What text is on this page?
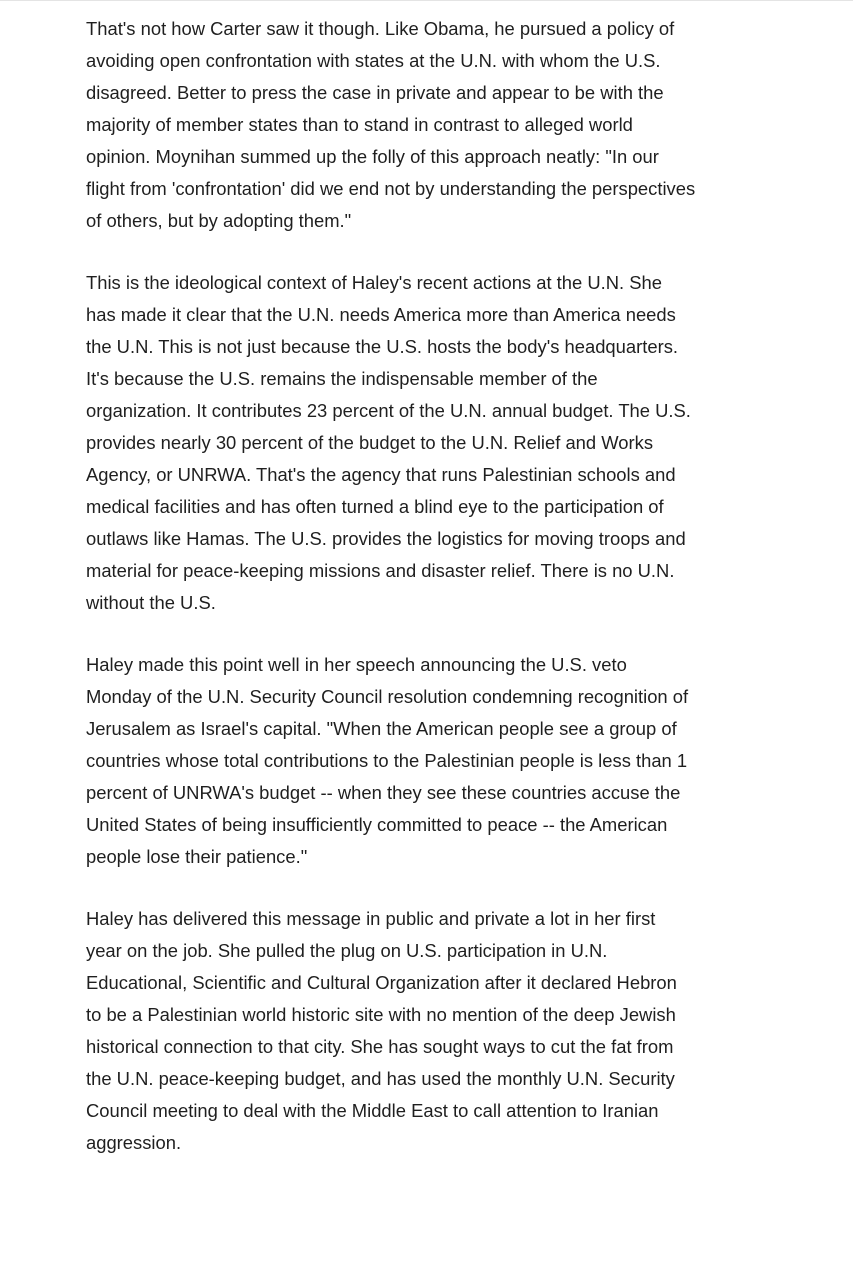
That's not how Carter saw it though. Like Obama, he pursued a policy of avoiding open confrontation with states at the U.N. with whom the U.S. disagreed. Better to press the case in private and appear to be with the majority of member states than to stand in contrast to alleged world opinion. Moynihan summed up the folly of this approach neatly: "In our flight from 'confrontation' did we end not by understanding the perspectives of others, but by adopting them."

This is the ideological context of Haley's recent actions at the U.N. She has made it clear that the U.N. needs America more than America needs the U.N. This is not just because the U.S. hosts the body's headquarters. It's because the U.S. remains the indispensable member of the organization. It contributes 23 percent of the U.N. annual budget. The U.S. provides nearly 30 percent of the budget to the U.N. Relief and Works Agency, or UNRWA. That's the agency that runs Palestinian schools and medical facilities and has often turned a blind eye to the participation of outlaws like Hamas. The U.S. provides the logistics for moving troops and material for peace-keeping missions and disaster relief. There is no U.N. without the U.S.

Haley made this point well in her speech announcing the U.S. veto Monday of the U.N. Security Council resolution condemning recognition of Jerusalem as Israel's capital. "When the American people see a group of countries whose total contributions to the Palestinian people is less than 1 percent of UNRWA's budget -- when they see these countries accuse the United States of being insufficiently committed to peace -- the American people lose their patience."

Haley has delivered this message in public and private a lot in her first year on the job. She pulled the plug on U.S. participation in U.N. Educational, Scientific and Cultural Organization after it declared Hebron to be a Palestinian world historic site with no mention of the deep Jewish historical connection to that city. She has sought ways to cut the fat from the U.N. peace-keeping budget, and has used the monthly U.N. Security Council meeting to deal with the Middle East to call attention to Iranian aggression.
